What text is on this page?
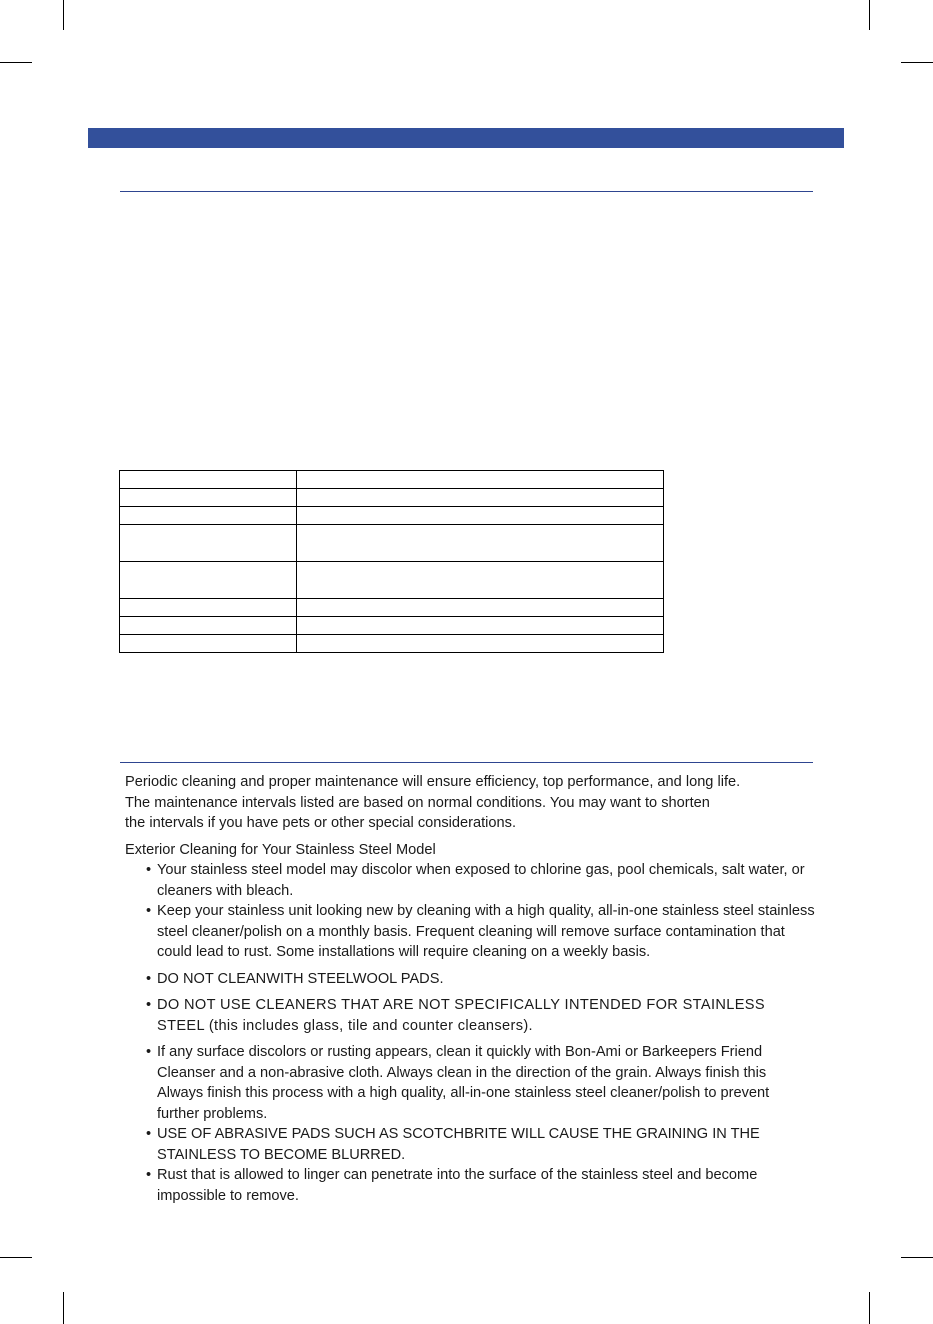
Periodic cleaning and proper maintenance will ensure efficiency, top performance, and long life.

The maintenance intervals listed are based on normal conditions. You may want to shorten

the intervals if you have pets or other special considerations.

Exterior Cleaning for Your Stainless Steel Model

• Your stainless steel model may discolor when exposed to chlorine gas, pool chemicals, salt water, or cleaners with bleach.
• Keep your stainless unit looking new by cleaning with a high quality, all-in-one stainless steel stainless steel cleaner/polish on a monthly basis. Frequent cleaning will remove surface contamination that could lead to rust. Some installations will require cleaning on a weekly basis.
• DO NOT CLEANWITH STEELWOOL PADS.
• DO NOT USE CLEANERS THAT ARE NOT SPECIFICALLY INTENDED FOR STAINLESS STEEL (this includes glass, tile and counter cleansers).
• If any surface discolors or rusting appears, clean it quickly with Bon-Ami or Barkeepers Friend Cleanser and a non-abrasive cloth. Always clean in the direction of the grain. Always finish this Always finish this process with a high quality, all-in-one stainless steel cleaner/polish to prevent further problems.
• USE OF ABRASIVE PADS SUCH AS SCOTCHBRITE WILL CAUSE THE GRAINING IN THE STAINLESS TO BECOME BLURRED.
• Rust that is allowed to linger can penetrate into the surface of the stainless steel and become impossible to remove.
